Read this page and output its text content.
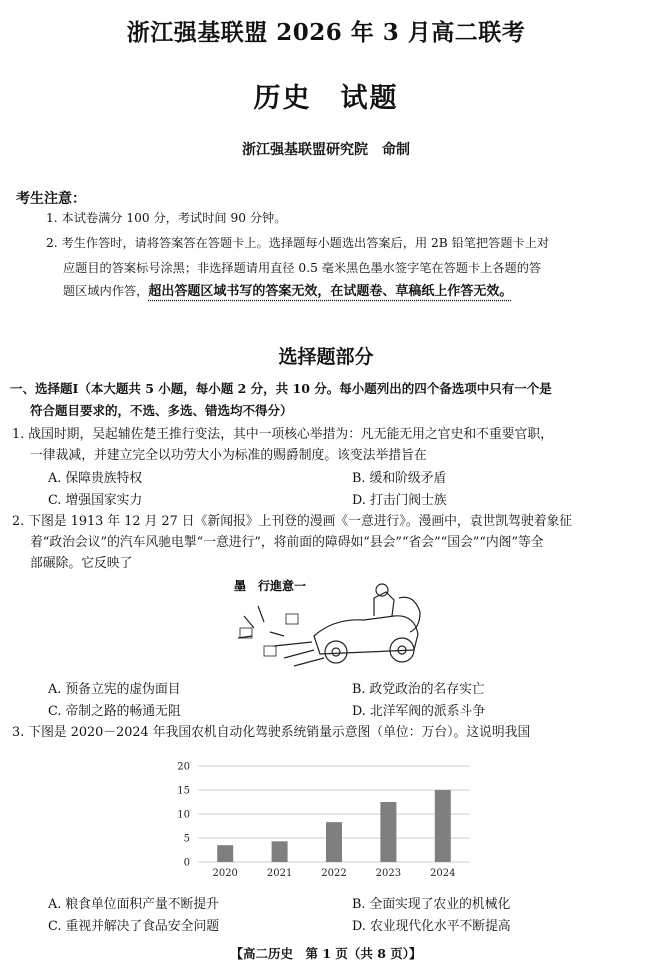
浙江强基联盟 2026 年 3 月高二联考
历史　试题
浙江强基联盟研究院　命制
考生注意：
1. 本试卷满分 100 分，考试时间 90 分钟。
2. 考生作答时，请将答案答在答题卡上。选择题每小题选出答案后，用 2B 铅笔把答题卡上对
应题目的答案标号涂黑；非选择题请用直径 0.5 毫米黑色墨水签字笔在答题卡上各题的答
题区域内作答，超出答题区域书写的答案无效，在试题卷、草稿纸上作答无效。
选择题部分
一、选择题Ⅰ（本大题共 5 小题，每小题 2 分，共 10 分。每小题列出的四个备选项中只有一个是
符合题目要求的，不选、多选、错选均不得分）
1. 战国时期，吴起辅佐楚王推行变法，其中一项核心举措为：凡无能无用之官史和不重要官职，
一律裁减，并建立完全以功劳大小为标准的赐爵制度。该变法举措旨在
A. 保障贵族特权	B. 缓和阶级矛盾
C. 增强国家实力	D. 打击门阀士族
2. 下图是 1913 年 12 月 27 日《新闻报》上刊登的漫画《一意进行》。漫画中，袁世凯驾驶着象征
着“政治会议”的汽车风驰电掣“一意进行”，将前面的障碍如“县会”“省会”“国会”“内阁”等全
部碾除。它反映了
墨　行進意一
A. 预备立宪的虚伪面目	B. 政党政治的名存实亡
C. 帝制之路的畅通无阻	D. 北洋军阀的派系斗争
3. 下图是 2020－2024 年我国农机自动化驾驶系统销量示意图（单位：万台）。这说明我国
0
5
10
15
20
2020	2021	2022	2023	2024
A. 粮食单位面积产量不断提升	B. 全面实现了农业的机械化
C. 重视并解决了食品安全问题	D. 农业现代化水平不断提高
【高二历史　第 1 页（共 8 页）】
